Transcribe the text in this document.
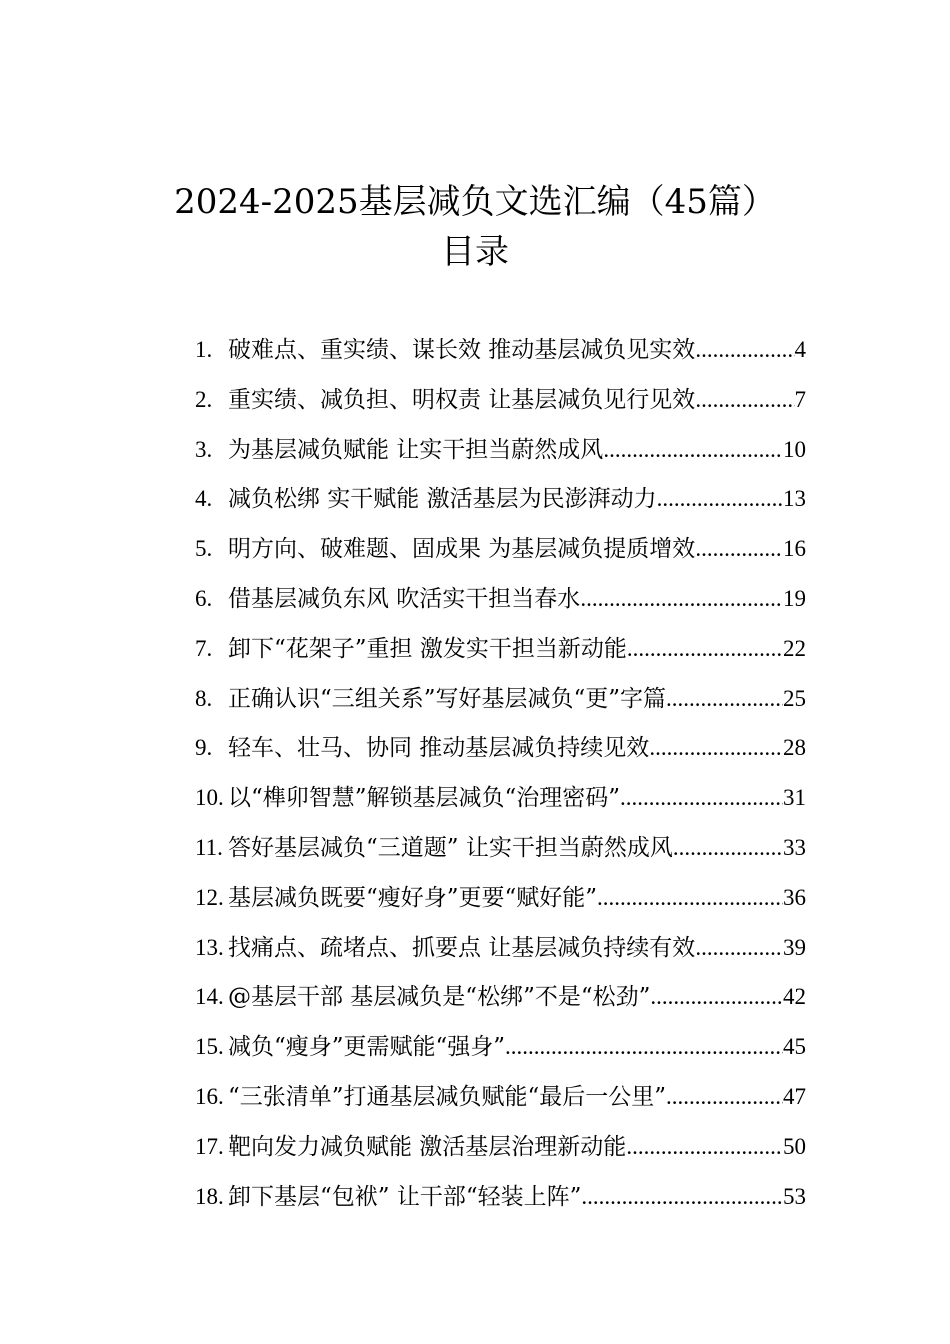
2024-2025基层减负文选汇编（45篇）
目录
1. 破难点、重实绩、谋长效 推动基层减负见实效 .....	4
2. 重实绩、减负担、明权责 让基层减负见行见效 .....	7
3. 为基层减负赋能 让实干担当蔚然成风 .....	10
4. 减负松绑 实干赋能 激活基层为民澎湃动力 .....	13
5. 明方向、破难题、固成果 为基层减负提质增效 .....	16
6. 借基层减负东风 吹活实干担当春水 .....	19
7. 卸下“花架子”重担 激发实干担当新动能 .....	22
8. 正确认识“三组关系”写好基层减负“更”字篇 .....	25
9. 轻车、壮马、协同 推动基层减负持续见效 .....	28
10. 以“榫卯智慧”解锁基层减负“治理密码” .....	31
11. 答好基层减负“三道题” 让实干担当蔚然成风 .....	33
12. 基层减负既要“瘦好身”更要“赋好能” .....	36
13. 找痛点、疏堵点、抓要点 让基层减负持续有效 .....	39
14. @基层干部 基层减负是“松绑”不是“松劲” .....	42
15. 减负“瘦身”更需赋能“强身” .....	45
16. “三张清单”打通基层减负赋能“最后一公里” .....	47
17. 靶向发力减负赋能 激活基层治理新动能 .....	50
18. 卸下基层“包袱” 让干部“轻装上阵” .....	53
